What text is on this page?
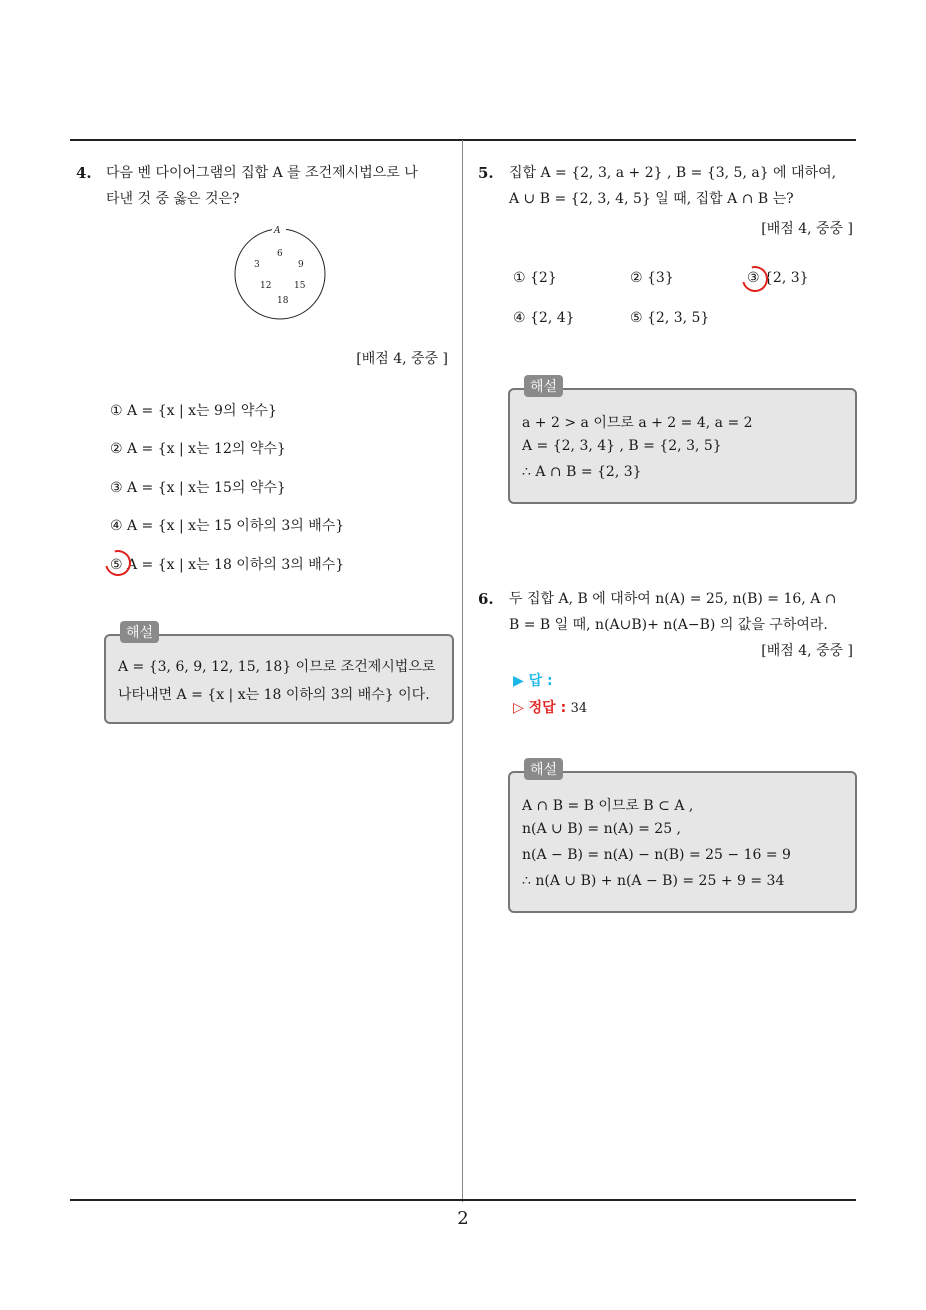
4. 다음 벤 다이어그램의 집합 A 를 조건제시법으로 나
타낸 것 중 옳은 것은?
A
6
3	9
12	15
18
[배점 4, 중중 ]
① A = {x | x는 9의 약수}
② A = {x | x는 12의 약수}
③ A = {x | x는 15의 약수}
④ A = {x | x는 15 이하의 3의 배수}
⑤ A = {x | x는 18 이하의 3의 배수}
A = {3, 6, 9, 12, 15, 18} 이므로 조건제시법으로
나타내면 A = {x | x는 18 이하의 3의 배수} 이다.
해설
5. 집합 A = {2, 3, a + 2} , B = {3, 5, a} 에 대하여,
A ∪ B = {2, 3, 4, 5} 일 때, 집합 A ∩ B 는?
[배점 4, 중중 ]
① {2}	② {3}	③ {2, 3}
④ {2, 4}	⑤ {2, 3, 5}
a + 2 > a 이므로 a + 2 = 4, a = 2
A = {2, 3, 4} , B = {2, 3, 5}
∴ A ∩ B = {2, 3}
해설
6. 두 집합 A, B 에 대하여 n(A) = 25, n(B) = 16, A ∩
B = B 일 때, n(A∪B)+ n(A−B) 의 값을 구하여라.
[배점 4, 중중 ]
▶ 답 :
▷ 정답 : 34
A ∩ B = B 이므로 B ⊂ A ,
n(A ∪ B) = n(A) = 25 ,
n(A − B) = n(A) − n(B) = 25 − 16 = 9
∴ n(A ∪ B) + n(A − B) = 25 + 9 = 34
해설
2
